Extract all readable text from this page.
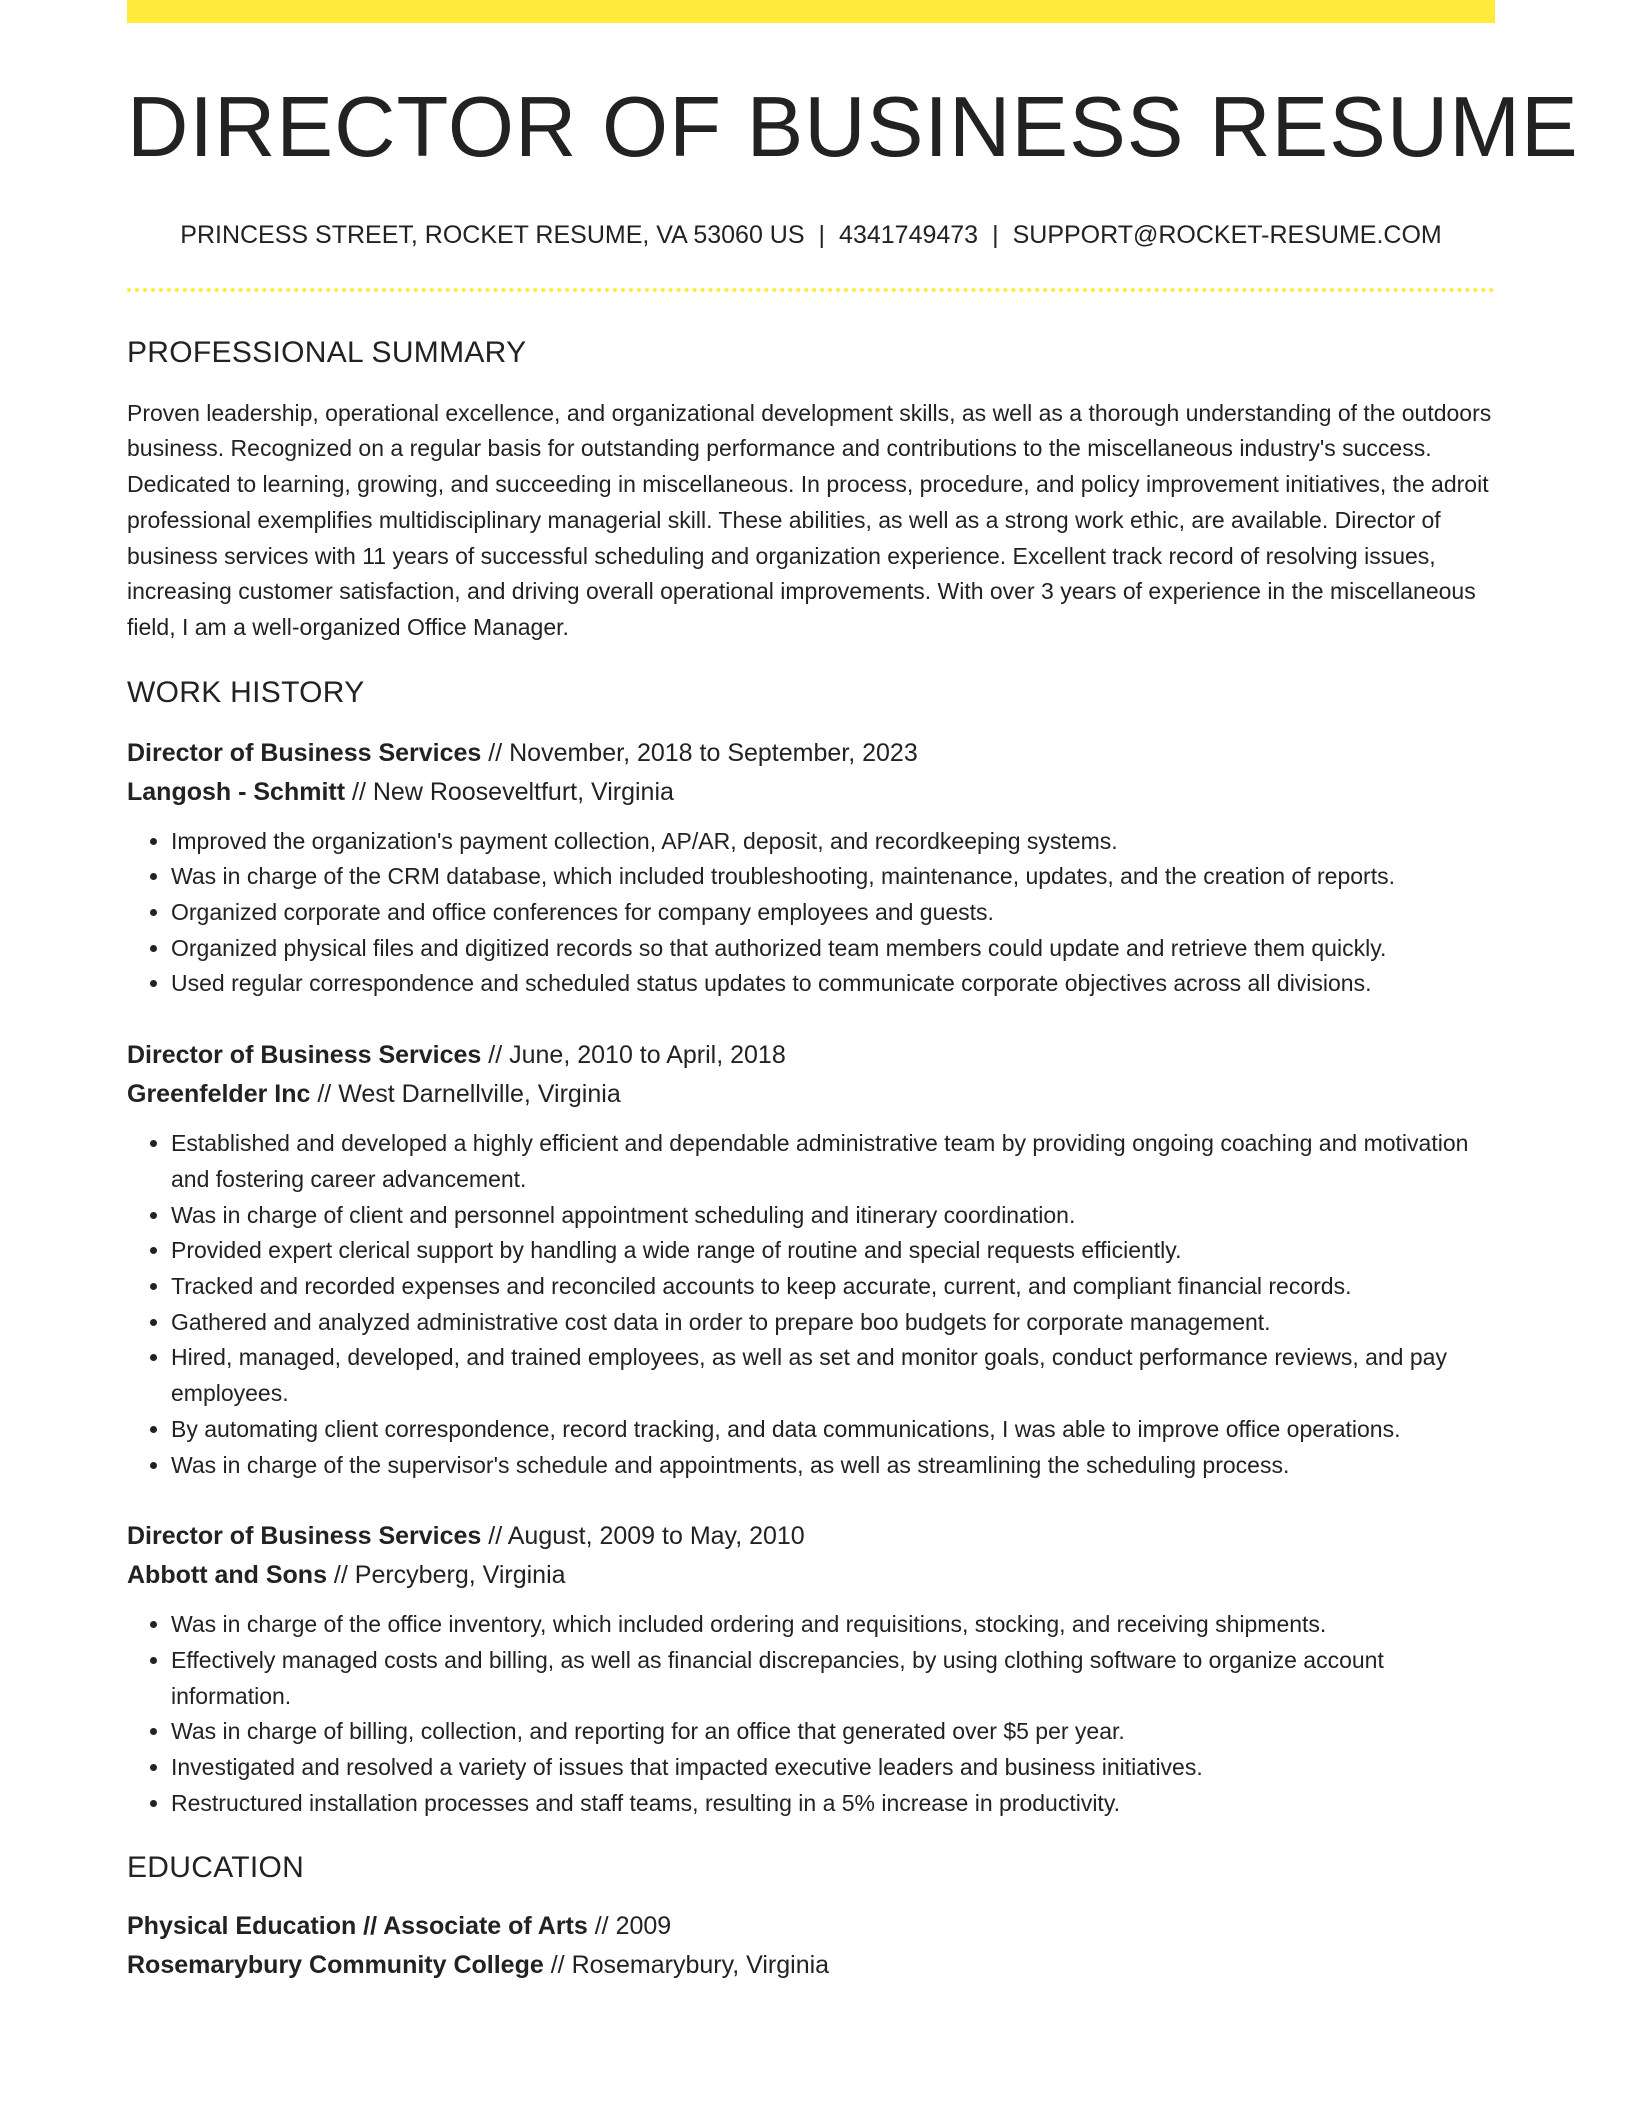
DIRECTOR OF BUSINESS RESUME
PRINCESS STREET, ROCKET RESUME, VA 53060 US | 4341749473 | SUPPORT@ROCKET-RESUME.COM
PROFESSIONAL SUMMARY
Proven leadership, operational excellence, and organizational development skills, as well as a thorough understanding of the outdoors business. Recognized on a regular basis for outstanding performance and contributions to the miscellaneous industry's success. Dedicated to learning, growing, and succeeding in miscellaneous. In process, procedure, and policy improvement initiatives, the adroit professional exemplifies multidisciplinary managerial skill. These abilities, as well as a strong work ethic, are available. Director of business services with 11 years of successful scheduling and organization experience. Excellent track record of resolving issues, increasing customer satisfaction, and driving overall operational improvements. With over 3 years of experience in the miscellaneous field, I am a well-organized Office Manager.
WORK HISTORY
Director of Business Services // November, 2018 to September, 2023
Langosh - Schmitt // New Rooseveltfurt, Virginia
• Improved the organization's payment collection, AP/AR, deposit, and recordkeeping systems.
• Was in charge of the CRM database, which included troubleshooting, maintenance, updates, and the creation of reports.
• Organized corporate and office conferences for company employees and guests.
• Organized physical files and digitized records so that authorized team members could update and retrieve them quickly.
• Used regular correspondence and scheduled status updates to communicate corporate objectives across all divisions.
Director of Business Services // June, 2010 to April, 2018
Greenfelder Inc // West Darnellville, Virginia
• Established and developed a highly efficient and dependable administrative team by providing ongoing coaching and motivation and fostering career advancement.
• Was in charge of client and personnel appointment scheduling and itinerary coordination.
• Provided expert clerical support by handling a wide range of routine and special requests efficiently.
• Tracked and recorded expenses and reconciled accounts to keep accurate, current, and compliant financial records.
• Gathered and analyzed administrative cost data in order to prepare boo budgets for corporate management.
• Hired, managed, developed, and trained employees, as well as set and monitor goals, conduct performance reviews, and pay employees.
• By automating client correspondence, record tracking, and data communications, I was able to improve office operations.
• Was in charge of the supervisor's schedule and appointments, as well as streamlining the scheduling process.
Director of Business Services // August, 2009 to May, 2010
Abbott and Sons // Percyberg, Virginia
• Was in charge of the office inventory, which included ordering and requisitions, stocking, and receiving shipments.
• Effectively managed costs and billing, as well as financial discrepancies, by using clothing software to organize account information.
• Was in charge of billing, collection, and reporting for an office that generated over $5 per year.
• Investigated and resolved a variety of issues that impacted executive leaders and business initiatives.
• Restructured installation processes and staff teams, resulting in a 5% increase in productivity.
EDUCATION
Physical Education // Associate of Arts // 2009
Rosemarybury Community College // Rosemarybury, Virginia
